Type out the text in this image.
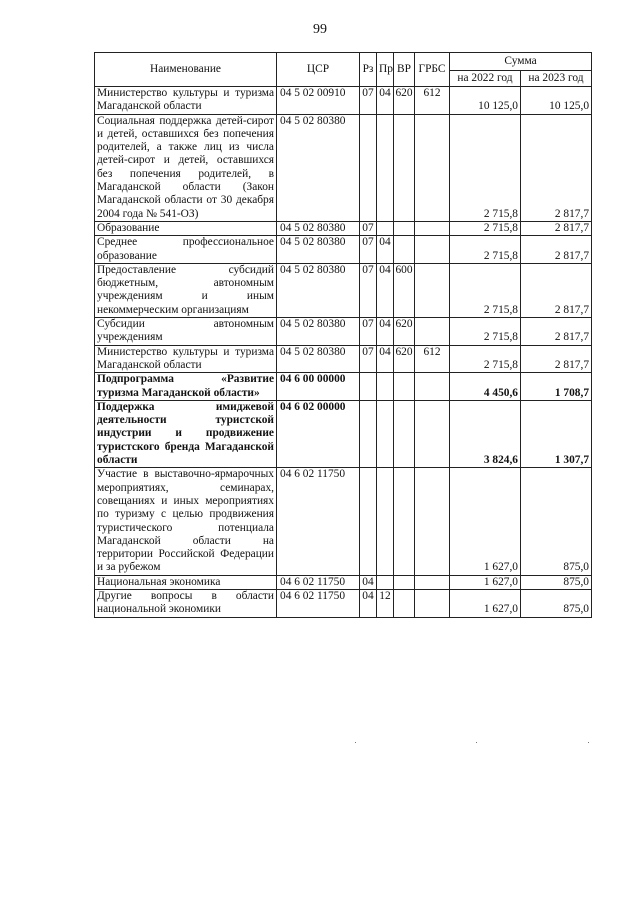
99
Наименование	ЦСР	Рз	Пр	ВР	ГРБС	Сумма	
						на 2022 год	на 2023 год
Министерство культуры и туризма Магаданской области	04 5 02 00910	07	04	620	612	10 125,0	10 125,0
Социальная поддержка детей-сирот и детей, оставшихся без попечения родителей, а также лиц из числа детей-сирот и детей, оставшихся без попечения родителей, в Магаданской области (Закон Магаданской области от 30 декабря 2004 года № 541-ОЗ)	04 5 02 80380					2 715,8	2 817,7
Образование	04 5 02 80380	07				2 715,8	2 817,7
Среднее профессиональное образование	04 5 02 80380	07	04			2 715,8	2 817,7
Предоставление субсидий бюджетным, автономным учреждениям и иным некоммерческим организациям	04 5 02 80380	07	04	600		2 715,8	2 817,7
Субсидии автономным учреждениям	04 5 02 80380	07	04	620		2 715,8	2 817,7
Министерство культуры и туризма Магаданской области	04 5 02 80380	07	04	620	612	2 715,8	2 817,7
Подпрограмма «Развитие туризма Магаданской области»	04 6 00 00000					4 450,6	1 708,7
Поддержка имиджевой деятельности туристской индустрии и продвижение туристского бренда Магаданской области	04 6 02 00000					3 824,6	1 307,7
Участие в выставочно-ярмарочных мероприятиях, семинарах, совещаниях и иных мероприятиях по туризму с целью продвижения туристического потенциала Магаданской области на территории Российской Федерации и за рубежом	04 6 02 11750					1 627,0	875,0
Национальная экономика	04 6 02 11750	04				1 627,0	875,0
Другие вопросы в области национальной экономики	04 6 02 11750	04	12			1 627,0	875,0
